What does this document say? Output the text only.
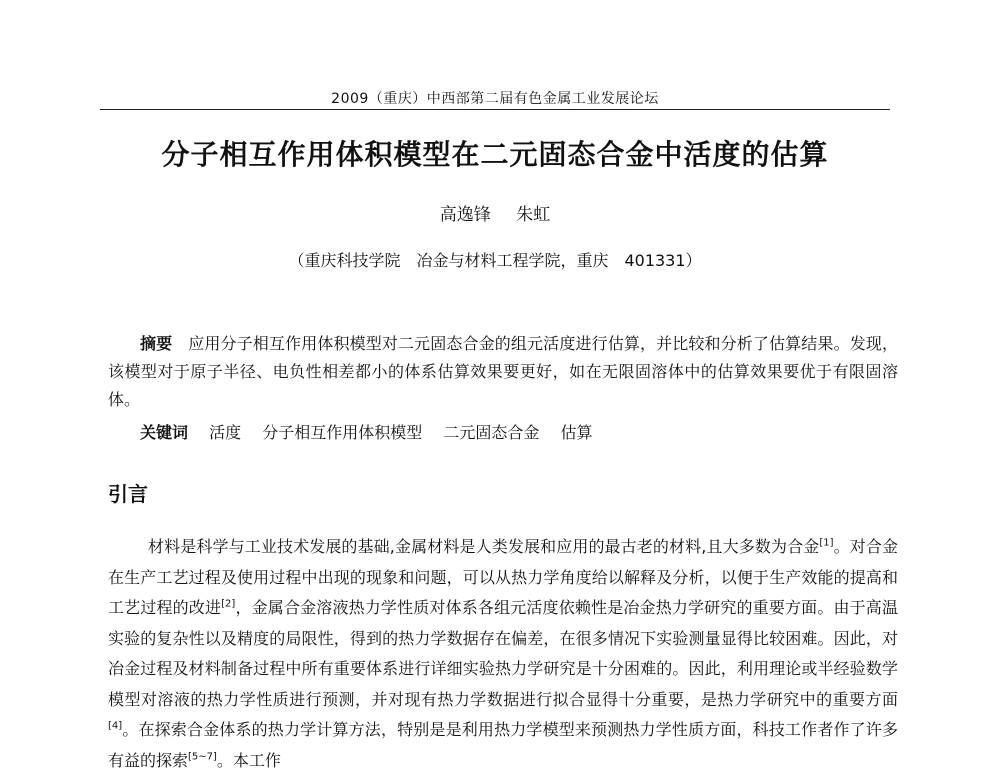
2009（重庆）中西部第二届有色金属工业发展论坛
分子相互作用体积模型在二元固态合金中活度的估算
高逸锋 朱虹
（重庆科技学院　冶金与材料工程学院，重庆　401331）
摘要 应用分子相互作用体积模型对二元固态合金的组元活度进行估算，并比较和分析了估算结果。发现，该模型对于原子半径、电负性相差都小的体系估算效果要更好，如在无限固溶体中的估算效果要优于有限固溶体。
关键词 活度 分子相互作用体积模型 二元固态合金 估算
引言
材料是科学与工业技术发展的基础,金属材料是人类发展和应用的最古老的材料,且大多数为合金[1]。对合金在生产工艺过程及使用过程中出现的现象和问题，可以从热力学角度给以解释及分析，以便于生产效能的提高和工艺过程的改进[2]，金属合金溶液热力学性质对体系各组元活度依赖性是冶金热力学研究的重要方面。由于高温实验的复杂性以及精度的局限性，得到的热力学数据存在偏差，在很多情况下实验测量显得比较困难。因此，对冶金过程及材料制备过程中所有重要体系进行详细实验热力学研究是十分困难的。因此，利用理论或半经验数学模型对溶液的热力学性质进行预测，并对现有热力学数据进行拟合显得十分重要，是热力学研究中的重要方面[4]。在探索合金体系的热力学计算方法，特别是是利用热力学模型来预测热力学性质方面，科技工作者作了许多有益的探索[5~7]。本工作
